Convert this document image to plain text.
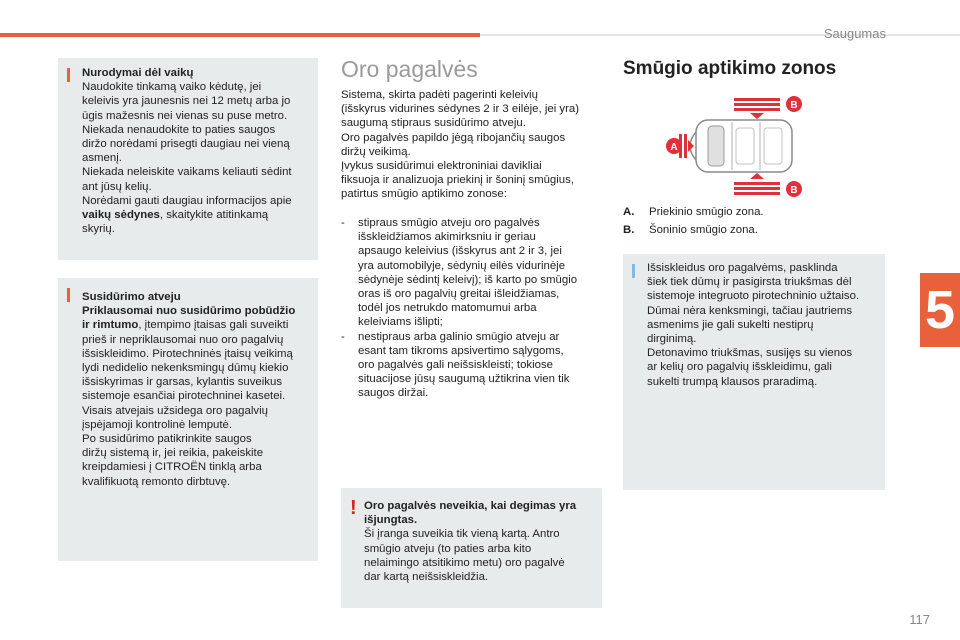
Saugumas
5
Nurodymai dėl vaikų
Naudokite tinkamą vaiko kėdutę, jei
keleivis yra jaunesnis nei 12 metų arba jo
ūgis mažesnis nei vienas su puse metro.
Niekada nenaudokite to paties saugos
diržo norėdami prisegti daugiau nei vieną
asmenį.
Niekada neleiskite vaikams keliauti sėdint
ant jūsų kelių.
Norėdami gauti daugiau informacijos apie
vaikų sėdynes, skaitykite atitinkamą
skyrių.
Susidūrimo atveju
Priklausomai nuo susidūrimo pobūdžio
ir rimtumo, įtempimo įtaisas gali suveikti
prieš ir nepriklausomai nuo oro pagalvių
išsiskleidimo. Pirotechninės įtaisų veikimą
lydi nedidelio nekenksmingų dūmų kiekio
išsiskyrimas ir garsas, kylantis suveikus
sistemoje esančiai pirotechninei kasetei.
Visais atvejais užsidega oro pagalvių
įspėjamoji kontrolinė lemputė.
Po susidūrimo patikrinkite saugos
diržų sistemą ir, jei reikia, pakeiskite
kreipdamiesi į CITROËN tinklą arba
kvalifikuotą remonto dirbtuvę.
Oro pagalvės
Sistema, skirta padėti pagerinti keleivių
(išskyrus vidurines sėdynes 2 ir 3 eilėje, jei yra)
saugumą stipraus susidūrimo atveju.
Oro pagalvės papildo jėgą ribojančių saugos
diržų veikimą.
Įvykus susidūrimui elektroniniai davikliai
fiksuoja ir analizuoja priekinį ir šoninį smūgius,
patirtus smūgio aptikimo zonose:
- stipraus smūgio atveju oro pagalvės
išskleidžiamos akimirksniu ir geriau
apsaugo keleivius (išskyrus ant 2 ir 3, jei
yra automobilyje, sėdynių eilės vidurinėje
sėdynėje sėdintį keleivį); iš karto po smūgio
oras iš oro pagalvių greitai išleidžiamas,
todėl jos netrukdo matomumui arba
keleiviams išlipti;
- nestipraus arba galinio smūgio atveju ar
esant tam tikroms apsivertimo sąlygoms,
oro pagalvės gali neišsiskleisti; tokiose
situacijose jūsų saugumą užtikrina vien tik
saugos diržai.
! Oro pagalvės neveikia, kai degimas yra
išjungtas.
Ši įranga suveikia tik vieną kartą. Antro
smūgio atveju (to paties arba kito
nelaimingo atsitikimo metu) oro pagalvė
dar kartą neišsiskleidžia.
Smūgio aptikimo zonos
A
B
B
A. Priekinio smūgio zona.
B. Šoninio smūgio zona.
Išsiskleidus oro pagalvėms, pasklinda
šiek tiek dūmų ir pasigirsta triukšmas dėl
sistemoje integruoto pirotechninio užtaiso.
Dūmai nėra kenksmingi, tačiau jautriems
asmenims jie gali sukelti nestiprų
dirginimą.
Detonavimo triukšmas, susijęs su vienos
ar kelių oro pagalvių išskleidimu, gali
sukelti trumpą klausos praradimą.
117
